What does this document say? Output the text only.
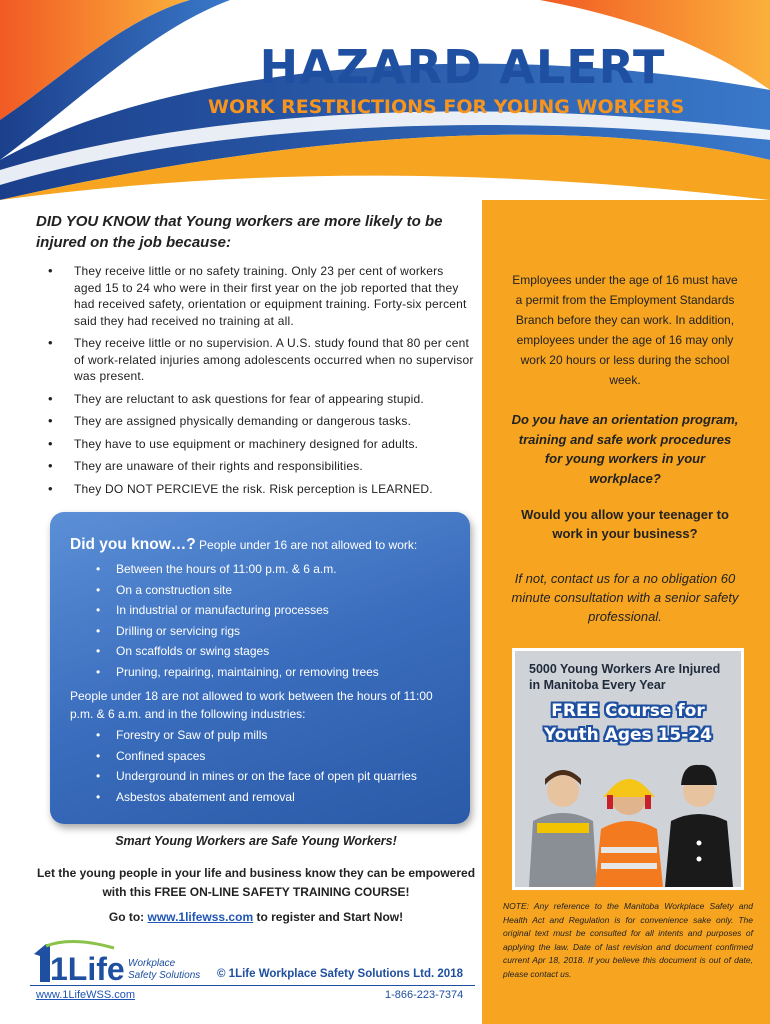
HAZARD ALERT
WORK RESTRICTIONS FOR YOUNG WORKERS
DID YOU KNOW that Young workers are more likely to be injured on the job because:
• They receive little or no safety training. Only 23 per cent of workers aged 15 to 24 who were in their first year on the job reported that they had received safety, orientation or equipment training. Forty-six percent said they had received no training at all.
• They receive little or no supervision. A U.S. study found that 80 per cent of work-related injuries among adolescents occurred when no supervisor was present.
• They are reluctant to ask questions for fear of appearing stupid.
• They are assigned physically demanding or dangerous tasks.
• They have to use equipment or machinery designed for adults.
• They are unaware of their rights and responsibilities.
• They DO NOT PERCIEVE the risk. Risk perception is LEARNED.
Did you know…? People under 16 are not allowed to work:
• Between the hours of 11:00 p.m. & 6 a.m.
• On a construction site
• In industrial or manufacturing processes
• Drilling or servicing rigs
• On scaffolds or swing stages
• Pruning, repairing, maintaining, or removing trees
People under 18 are not allowed to work between the hours of 11:00 p.m. & 6 a.m. and in the following industries:
• Forestry or Saw of pulp mills
• Confined spaces
• Underground in mines or on the face of open pit quarries
• Asbestos abatement and removal
Employees under the age of 16 must have a permit from the Employment Standards Branch before they can work. In addition, employees under the age of 16 may only work 20 hours or less during the school week.
Do you have an orientation program, training and safe work procedures for young workers in your workplace?
Would you allow your teenager to work in your business?
If not, contact us for a no obligation 60 minute consultation with a senior safety professional.
5000 Young Workers Are Injured
in Manitoba Every Year
FREE Course for
Youth Ages 15-24
Smart Young Workers are Safe Young Workers!
Let the young people in your life and business know they can be empowered with this FREE ON-LINE SAFETY TRAINING COURSE!
Go to: www.1lifewss.com to register and Start Now!
1Life Workplace
Safety Solutions	© 1Life Workplace Safety Solutions Ltd. 2018
www.1LifeWSS.com	1-866-223-7374
NOTE: Any reference to the Manitoba Workplace Safety and Health Act and Regulation is for convenience sake only. The original text must be consulted for all intents and purposes of applying the law. Date of last revision and document confirmed current Apr 18, 2018. If you believe this document is out of date, please contact us.
